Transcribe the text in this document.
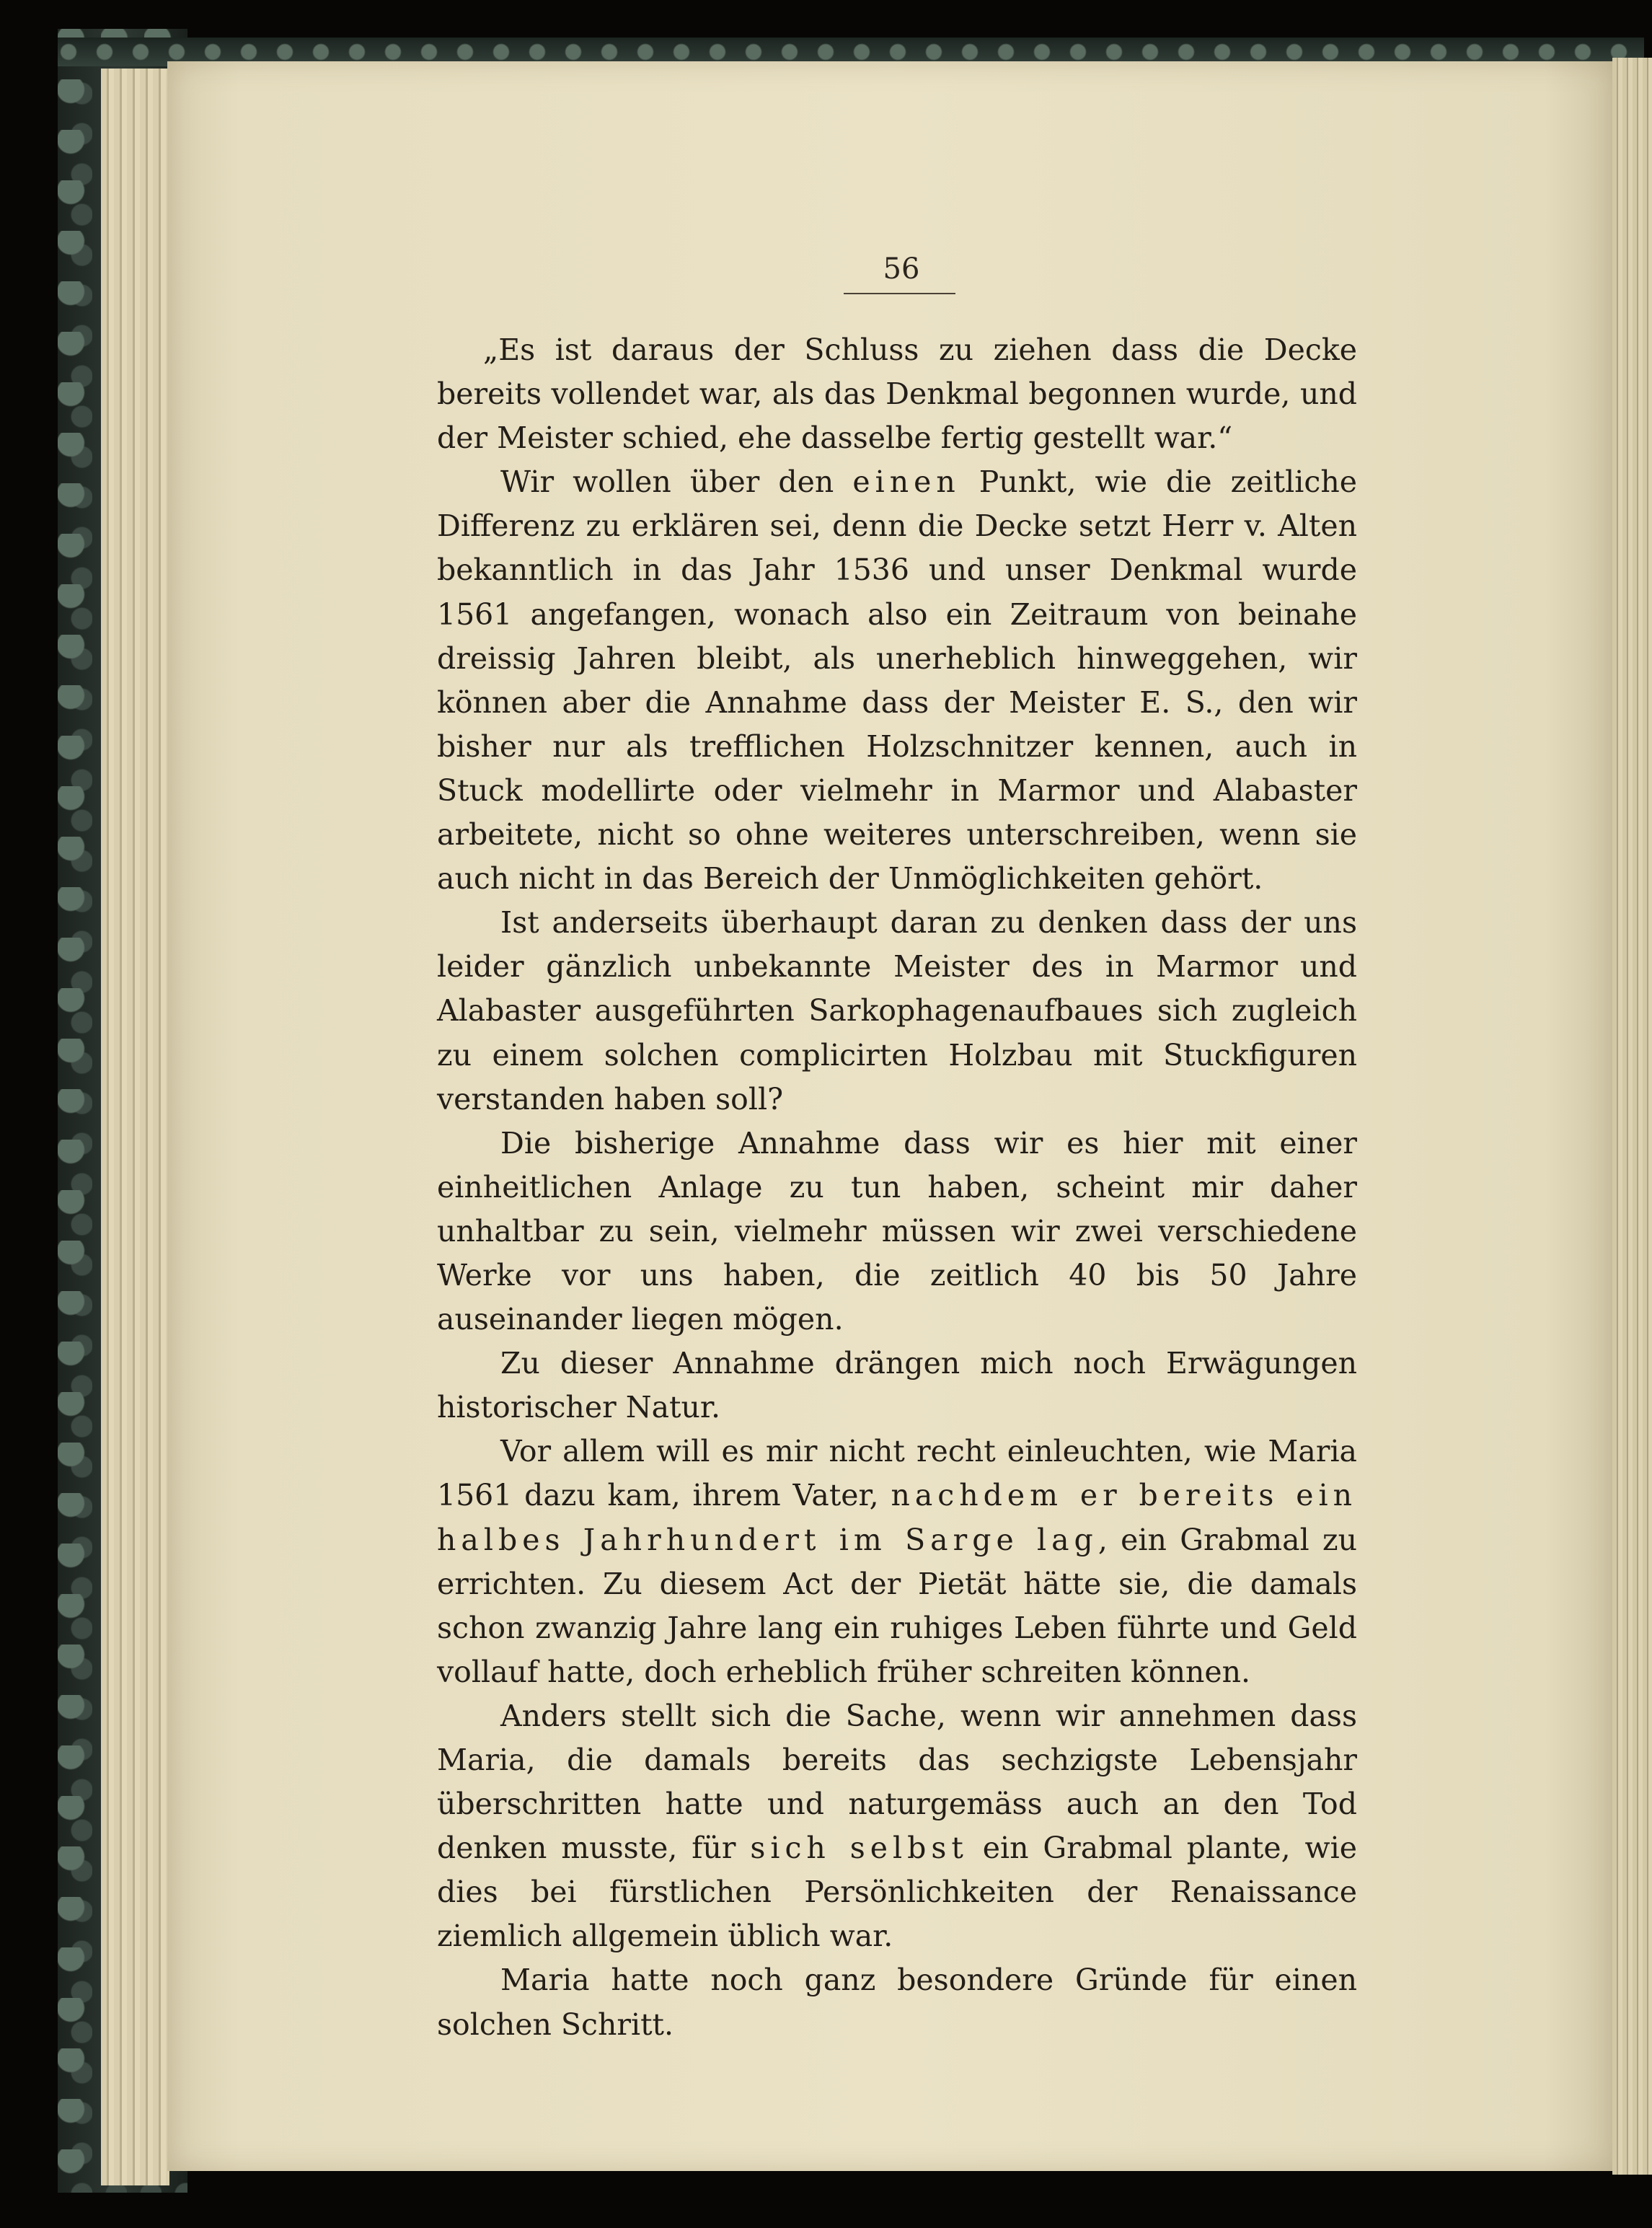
56

„Es ist daraus der Schluss zu ziehen dass die Decke bereits vollendet war, als das Denkmal begonnen wurde, und der Meister schied, ehe dasselbe fertig gestellt war.“

Wir wollen über den einen Punkt, wie die zeitliche Differenz zu erklären sei, denn die Decke setzt Herr v. Alten bekanntlich in das Jahr 1536 und unser Denkmal wurde 1561 angefangen, wonach also ein Zeitraum von beinahe dreissig Jahren bleibt, als unerheblich hinweggehen, wir können aber die Annahme dass der Meister E. S., den wir bisher nur als trefflichen Holzschnitzer kennen, auch in Stuck modellirte oder vielmehr in Marmor und Alabaster arbeitete, nicht so ohne weiteres unterschreiben, wenn sie auch nicht in das Bereich der Unmöglichkeiten gehört.

Ist anderseits überhaupt daran zu denken dass der uns leider gänzlich unbekannte Meister des in Marmor und Alabaster ausgeführten Sarkophagenaufbaues sich zugleich zu einem solchen complicirten Holzbau mit Stuckfiguren verstanden haben soll?

Die bisherige Annahme dass wir es hier mit einer einheitlichen Anlage zu tun haben, scheint mir daher unhaltbar zu sein, vielmehr müssen wir zwei verschiedene Werke vor uns haben, die zeitlich 40 bis 50 Jahre auseinander liegen mögen.

Zu dieser Annahme drängen mich noch Erwägungen historischer Natur.

Vor allem will es mir nicht recht einleuchten, wie Maria 1561 dazu kam, ihrem Vater, nachdem er bereits ein halbes Jahrhundert im Sarge lag, ein Grabmal zu errichten. Zu diesem Act der Pietät hätte sie, die damals schon zwanzig Jahre lang ein ruhiges Leben führte und Geld vollauf hatte, doch erheblich früher schreiten können.

Anders stellt sich die Sache, wenn wir annehmen dass Maria, die damals bereits das sechzigste Lebensjahr überschritten hatte und naturgemäss auch an den Tod denken musste, für sich selbst ein Grabmal plante, wie dies bei fürstlichen Persönlichkeiten der Renaissance ziemlich allgemein üblich war.

Maria hatte noch ganz besondere Gründe für einen solchen Schritt.
